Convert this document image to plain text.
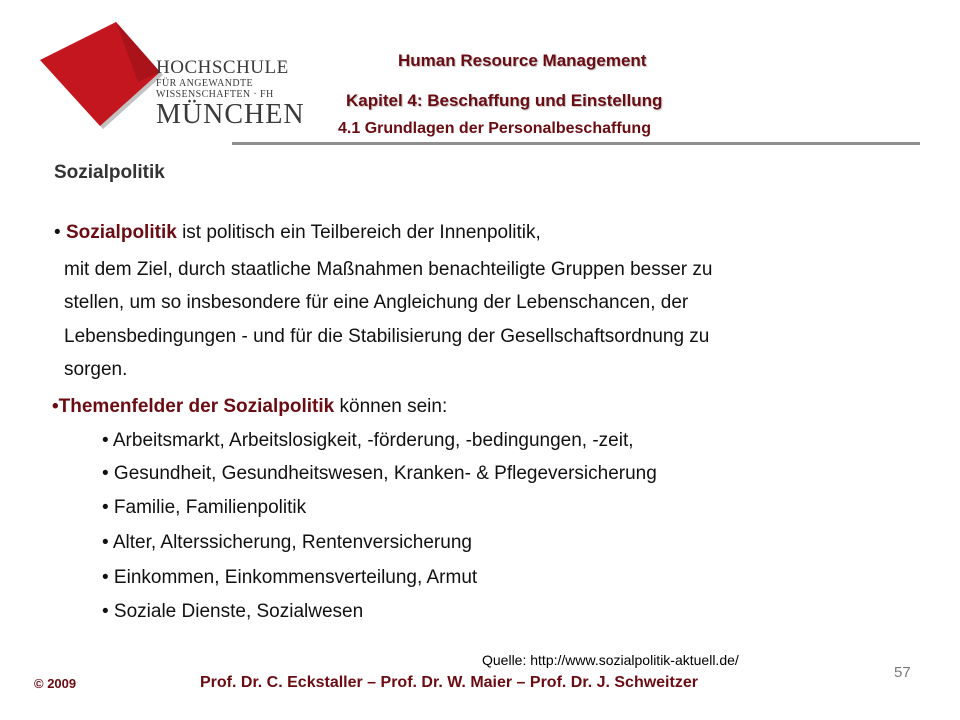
HOCHSCHULE
FÜR ANGEWANDTE
WISSENSCHAFTEN · FH
MÜNCHEN
Human Resource Management
Kapitel 4: Beschaffung und Einstellung
4.1 Grundlagen der Personalbeschaffung
Sozialpolitik
• Sozialpolitik ist politisch ein Teilbereich der Innenpolitik,
mit dem Ziel, durch staatliche Maßnahmen benachteiligte Gruppen besser zu
stellen, um so insbesondere für eine Angleichung der Lebenschancen, der
Lebensbedingungen - und für die Stabilisierung der Gesellschaftsordnung zu
sorgen.
•Themenfelder der Sozialpolitik können sein:
• Arbeitsmarkt, Arbeitslosigkeit, -förderung, -bedingungen, -zeit,
• Gesundheit, Gesundheitswesen, Kranken- & Pflegeversicherung
• Familie, Familienpolitik
• Alter, Alterssicherung, Rentenversicherung
• Einkommen, Einkommensverteilung, Armut
• Soziale Dienste, Sozialwesen
Quelle: http://www.sozialpolitik-aktuell.de/
57
© 2009	Prof. Dr. C. Eckstaller – Prof. Dr. W. Maier – Prof. Dr. J. Schweitzer
